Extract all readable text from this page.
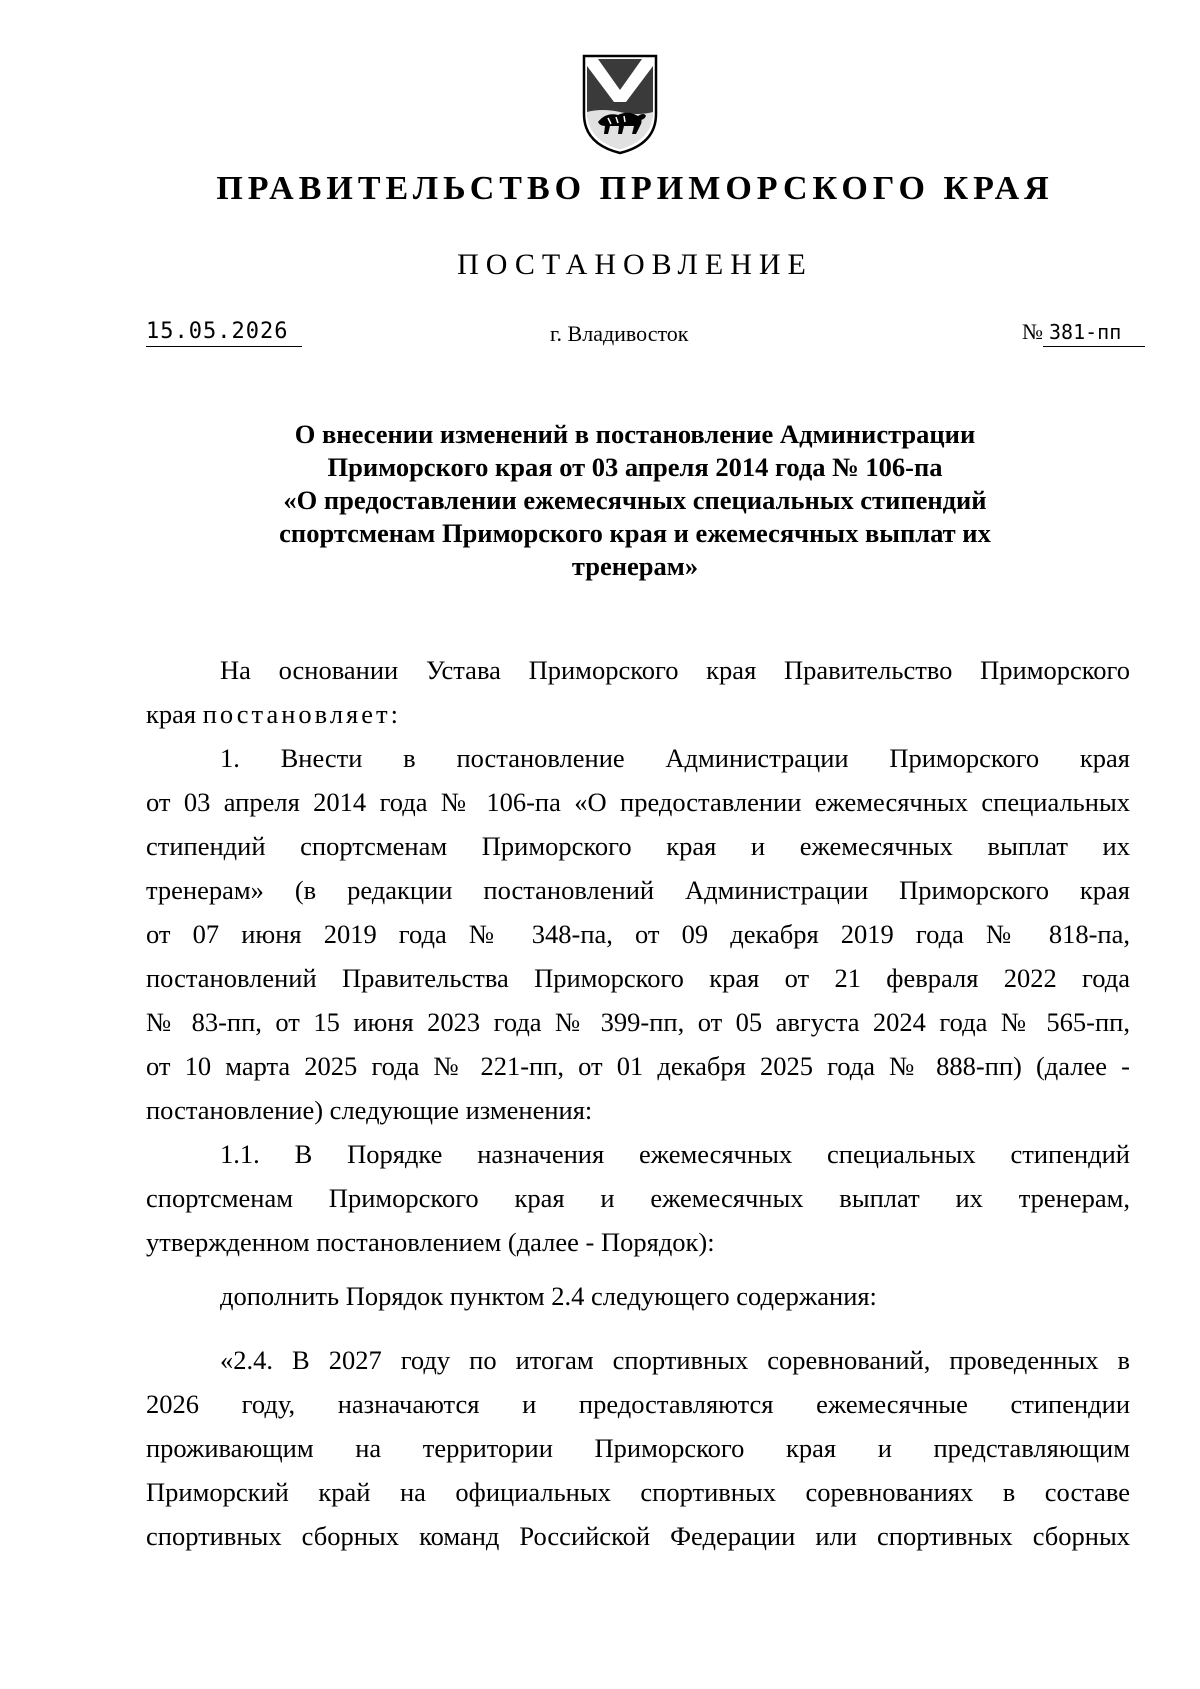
ПРАВИТЕЛЬСТВО ПРИМОРСКОГО КРАЯ
ПОСТАНОВЛЕНИЕ
15.05.2026	г. Владивосток	№ 381-пп
О внесении изменений в постановление Администрации
Приморского края от 03 апреля 2014 года № 106-па
«О предоставлении ежемесячных специальных стипендий
спортсменам Приморского края и ежемесячных выплат их
тренерам»

На основании Устава Приморского края Правительство Приморского

края постановляет:

1. Внести в постановление Администрации Приморского края

от 03 апреля 2014 года № 106-па «О предоставлении ежемесячных специальных

стипендий спортсменам Приморского края и ежемесячных выплат их

тренерам» (в редакции постановлений Администрации Приморского края

от 07 июня 2019 года № 348-па, от 09 декабря 2019 года № 818-па,

постановлений Правительства Приморского края от 21 февраля 2022 года

№ 83-пп, от 15 июня 2023 года № 399-пп, от 05 августа 2024 года № 565-пп,

от 10 марта 2025 года № 221-пп, от 01 декабря 2025 года № 888-пп) (далее -

постановление) следующие изменения:

1.1. В Порядке назначения ежемесячных специальных стипендий

спортсменам Приморского края и ежемесячных выплат их тренерам,

утвержденном постановлением (далее - Порядок):

дополнить Порядок пунктом 2.4 следующего содержания:

«2.4. В 2027 году по итогам спортивных соревнований, проведенных в

2026 году, назначаются и предоставляются ежемесячные стипендии

проживающим на территории Приморского края и представляющим

Приморский край на официальных спортивных соревнованиях в составе

спортивных сборных команд Российской Федерации или спортивных сборных
